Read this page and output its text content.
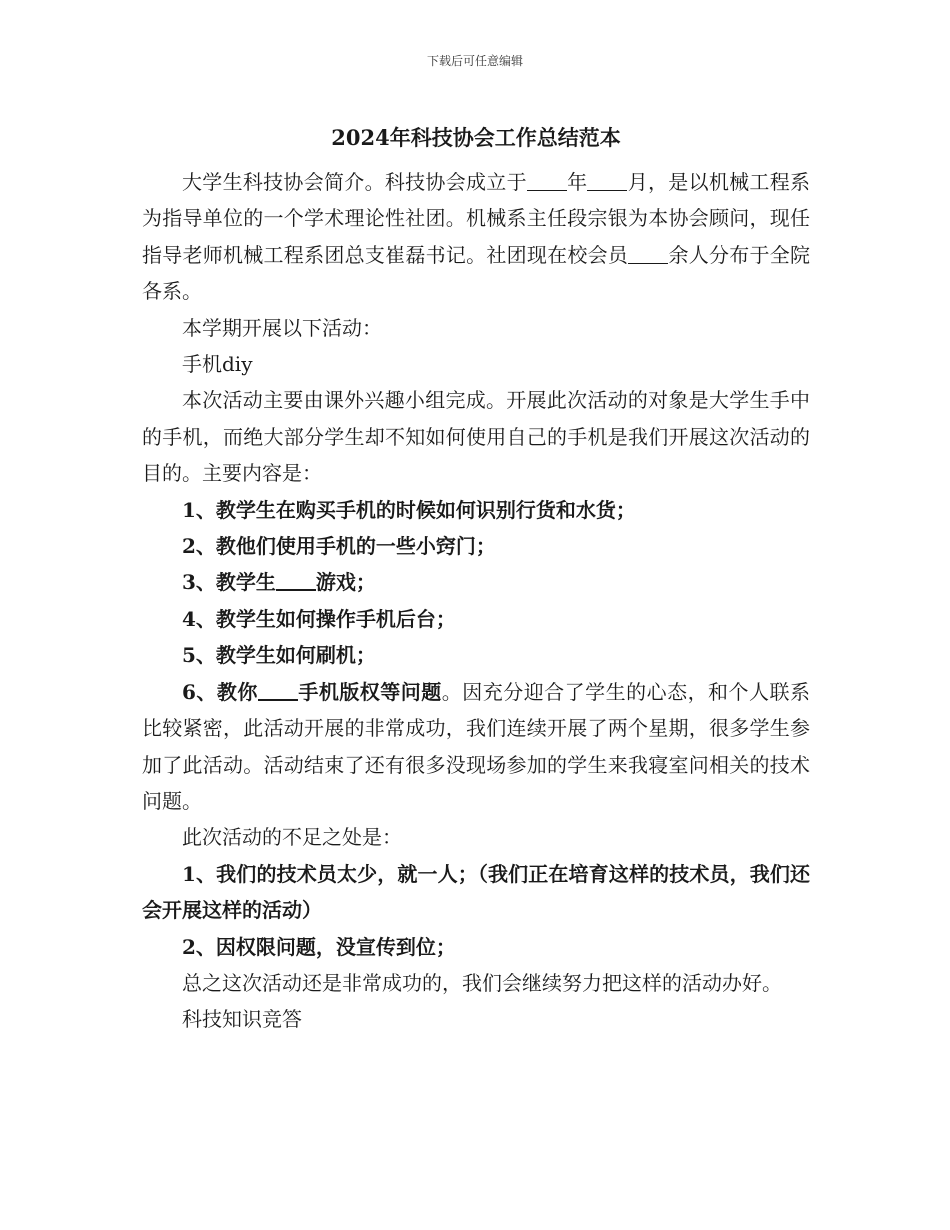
下载后可任意编辑
2024年科技协会工作总结范本

大学生科技协会简介。科技协会成立于 年 月，是以机械工程系为指导单位的一个学术理论性社团。机械系主任段宗银为本协会顾问，现任指导老师机械工程系团总支崔磊书记。社团现在校会员 余人分布于全院各系。

本学期开展以下活动：

手机diy

本次活动主要由课外兴趣小组完成。开展此次活动的对象是大学生手中的手机，而绝大部分学生却不知如何使用自己的手机是我们开展这次活动的目的。主要内容是：

1、教学生在购买手机的时候如何识别行货和水货；

2、教他们使用手机的一些小窍门；

3、教学生 游戏；

4、教学生如何操作手机后台；

5、教学生如何刷机；

6、教你 手机版权等问题。因充分迎合了学生的心态，和个人联系比较紧密，此活动开展的非常成功，我们连续开展了两个星期，很多学生参加了此活动。活动结束了还有很多没现场参加的学生来我寝室问相关的技术问题。

此次活动的不足之处是：

1、我们的技术员太少，就一人；（我们正在培育这样的技术员，我们还会开展这样的活动）

2、因权限问题，没宣传到位；

总之这次活动还是非常成功的，我们会继续努力把这样的活动办好。

科技知识竞答
